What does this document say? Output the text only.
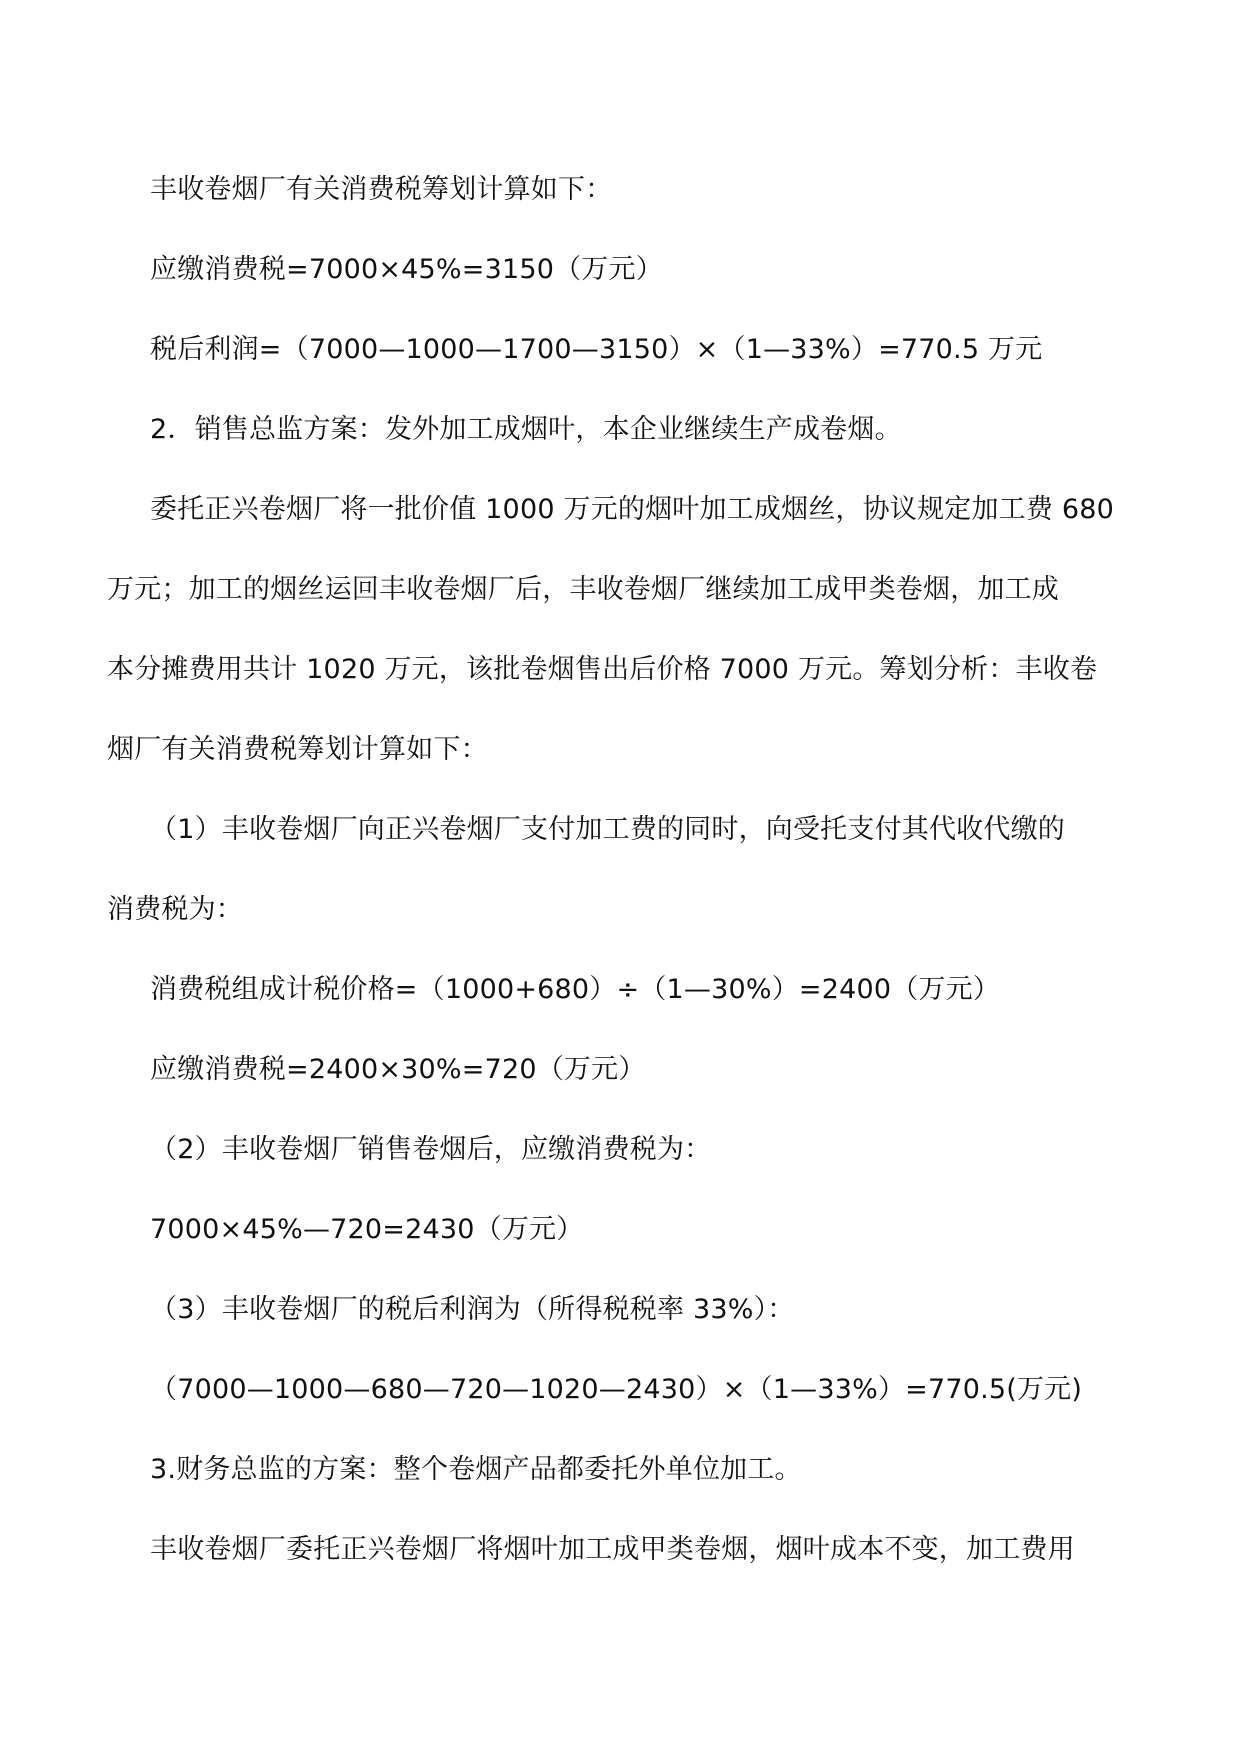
丰收卷烟厂有关消费税筹划计算如下：
应缴消费税=7000×45%=3150（万元）
税后利润=（7000—1000—1700—3150）×（1—33%）=770.5 万元
2．销售总监方案：发外加工成烟叶，本企业继续生产成卷烟。
委托正兴卷烟厂将一批价值 1000 万元的烟叶加工成烟丝，协议规定加工费 680
万元；加工的烟丝运回丰收卷烟厂后，丰收卷烟厂继续加工成甲类卷烟，加工成
本分摊费用共计 1020 万元，该批卷烟售出后价格 7000 万元。筹划分析：丰收卷
烟厂有关消费税筹划计算如下：
（1）丰收卷烟厂向正兴卷烟厂支付加工费的同时，向受托支付其代收代缴的
消费税为：
消费税组成计税价格=（1000+680）÷（1—30%）=2400（万元）
应缴消费税=2400×30%=720（万元）
（2）丰收卷烟厂销售卷烟后，应缴消费税为：
7000×45%—720=2430（万元）
（3）丰收卷烟厂的税后利润为（所得税税率 33%）：
（7000—1000—680—720—1020—2430）×（1—33%）=770.5(万元)
3.财务总监的方案：整个卷烟产品都委托外单位加工。
丰收卷烟厂委托正兴卷烟厂将烟叶加工成甲类卷烟，烟叶成本不变，加工费用
